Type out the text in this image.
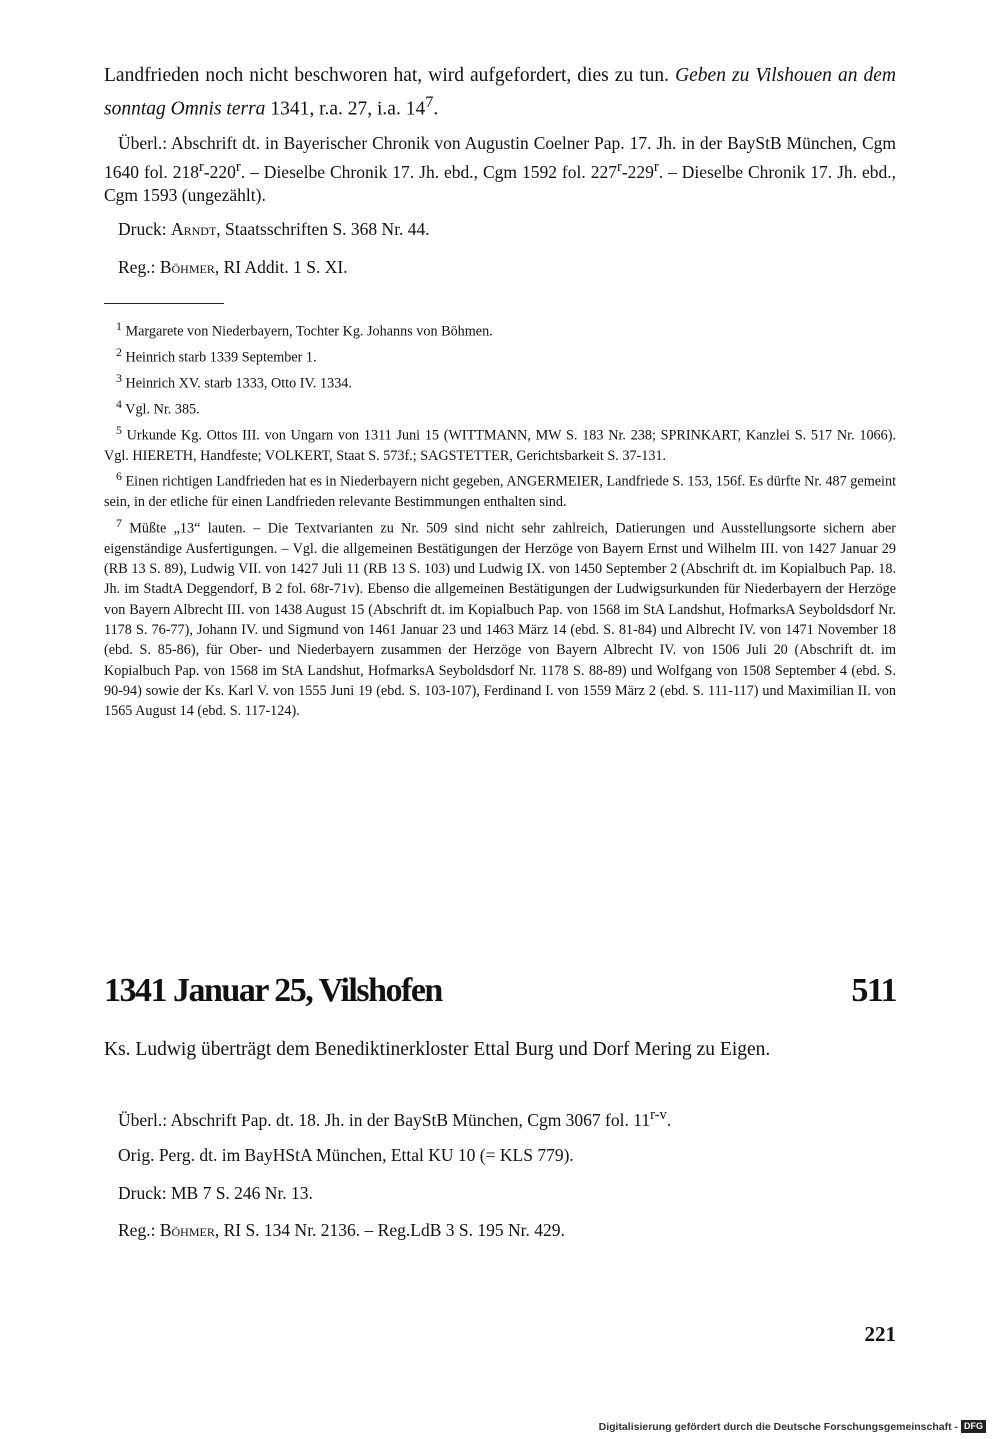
Landfrieden noch nicht beschworen hat, wird aufgefordert, dies zu tun. Geben zu Vilshouen an dem sonntag Omnis terra 1341, r.a. 27, i.a. $14^7$.
Überl.: Abschrift dt. in Bayerischer Chronik von Augustin Coelner Pap. 17. Jh. in der BayStB München, Cgm 1640 fol. 218$^r$-220$^r$. – Dieselbe Chronik 17. Jh. ebd., Cgm 1592 fol. 227$^r$-229$^r$. – Dieselbe Chronik 17. Jh. ebd., Cgm 1593 (ungezählt).
Druck: Arndt, Staatsschriften S. 368 Nr. 44.
Reg.: Böhmer, RI Addit. 1 S. XI.
$^1$ Margarete von Niederbayern, Tochter Kg. Johanns von Böhmen.
$^2$ Heinrich starb 1339 September 1.
$^3$ Heinrich XV. starb 1333, Otto IV. 1334.
$^4$ Vgl. Nr. 385.
$^5$ Urkunde Kg. Ottos III. von Ungarn von 1311 Juni 15 (WITTMANN, MW S. 183 Nr. 238; SPRINKART, Kanzlei S. 517 Nr. 1066). Vgl. HIERETH, Handfeste; VOLKERT, Staat S. 573f.; SAGSTETTER, Gerichtsbarkeit S. 37-131.
$^6$ Einen richtigen Landfrieden hat es in Niederbayern nicht gegeben, ANGERMEIER, Landfriede S. 153, 156f. Es dürfte Nr. 487 gemeint sein, in der etliche für einen Landfrieden relevante Bestimmungen enthalten sind.
$^7$ Müßte „13“ lauten. – Die Textvarianten zu Nr. 509 sind nicht sehr zahlreich, Datierungen und Ausstellungsorte sichern aber eigenständige Ausfertigungen. – Vgl. die allgemeinen Bestätigungen der Herzöge von Bayern Ernst und Wilhelm III. von 1427 Januar 29 (RB 13 S. 89), Ludwig VII. von 1427 Juli 11 (RB 13 S. 103) und Ludwig IX. von 1450 September 2 (Abschrift dt. im Kopialbuch Pap. 18. Jh. im StadtA Deggendorf, B 2 fol. 68r-71v). Ebenso die allgemeinen Bestätigungen der Ludwigsurkunden für Niederbayern der Herzöge von Bayern Albrecht III. von 1438 August 15 (Abschrift dt. im Kopialbuch Pap. von 1568 im StA Landshut, HofmarksA Seyboldsdorf Nr. 1178 S. 76-77), Johann IV. und Sigmund von 1461 Januar 23 und 1463 März 14 (ebd. S. 81-84) und Albrecht IV. von 1471 November 18 (ebd. S. 85-86), für Ober- und Niederbayern zusammen der Herzöge von Bayern Albrecht IV. von 1506 Juli 20 (Abschrift dt. im Kopialbuch Pap. von 1568 im StA Landshut, HofmarksA Seyboldsdorf Nr. 1178 S. 88-89) und Wolfgang von 1508 September 4 (ebd. S. 90-94) sowie der Ks. Karl V. von 1555 Juni 19 (ebd. S. 103-107), Ferdinand I. von 1559 März 2 (ebd. S. 111-117) und Maximilian II. von 1565 August 14 (ebd. S. 117-124).
1341 Januar 25, Vilshofen	511
Ks. Ludwig überträgt dem Benediktinerkloster Ettal Burg und Dorf Mering zu Eigen.
Überl.: Abschrift Pap. dt. 18. Jh. in der BayStB München, Cgm 3067 fol. 11$^{r-v}$.
Orig. Perg. dt. im BayHStA München, Ettal KU 10 (= KLS 779).
Druck: MB 7 S. 246 Nr. 13.
Reg.: Böhmer, RI S. 134 Nr. 2136. – Reg.LdB 3 S. 195 Nr. 429.
221
Digitalisierung gefördert durch die Deutsche Forschungsgemeinschaft - DFG
